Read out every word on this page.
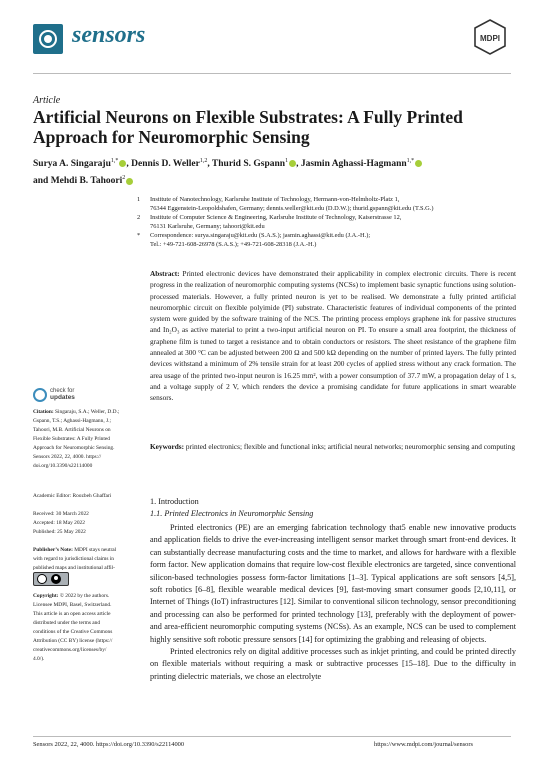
sensors	MDPI
Article
Artificial Neurons on Flexible Substrates: A Fully Printed Approach for Neuromorphic Sensing
Surya A. Singaraju$^{1,*}$ , Dennis D. Weller$^{1,2}$, Thurid S. Gspann$^1$ , Jasmin Aghassi-Hagmann$^{1,*}$
and Mehdi B. Tahoori$^2$
1 Institute of Nanotechnology, Karlsruhe Institute of Technology, Hermann-von-Helmholtz-Platz 1,
76344 Eggenstein-Leopoldshafen, Germany; dennis.weller@kit.edu (D.D.W.); thurid.gspann@kit.edu (T.S.G.)
2 Institute of Computer Science & Engineering, Karlsruhe Institute of Technology, Kaiserstrasse 12,
76131 Karlsruhe, Germany; tahoori@kit.edu
* Correspondence: surya.singaraju@kit.edu (S.A.S.); jasmin.aghassi@kit.edu (J.A.-H.);
Tel.: +49-721-608-26978 (S.A.S.); +49-721-608-28318 (J.A.-H.)
Abstract: Printed electronic devices have demonstrated their applicability in complex electronic circuits. There is recent progress in the realization of neuromorphic computing systems (NCSs) to implement basic synaptic functions using solution-processed materials. However, a fully printed neuron is yet to be realised. We demonstrate a fully printed artificial neuromorphic circuit on flexible polyimide (PI) substrate. Characteristic features of individual components of the printed system were guided by the software training of the NCS. The printing process employs graphene ink for passive structures and In₂O₃ as active material to print a two-input artificial neuron on PI. To ensure a small area footprint, the thickness of graphene film is tuned to target a resistance and to obtain conductors or resistors. The sheet resistance of the graphene film annealed at 300 °C can be adjusted between 200 Ω and 500 kΩ depending on the number of printed layers. The fully printed devices withstand a minimum of 2% tensile strain for at least 200 cycles of applied stress without any crack formation. The area usage of the printed two-input neuron is 16.25 mm², with a power consumption of 37.7 mW, a propagation delay of 1 s, and a voltage supply of 2 V, which renders the device a promising candidate for future applications in smart wearable sensors.
Keywords: printed electronics; flexible and functional inks; artificial neural networks; neuromorphic sensing and computing
check for
updates
Citation: Singaraju, S.A.; Weller, D.D.;
Gspann, T.S.; Aghassi-Hagmann, J.;
Tahoori, M.B. Artificial Neurons on
Flexible Substrates: A Fully Printed
Approach for Neuromorphic Sensing.
Sensors 2022, 22, 4000. https://
doi.org/10.3390/s22114000
Academic Editor: Roozbeh Ghaffari
Received: 30 March 2022
Accepted: 18 May 2022
Published: 25 May 2022
Publisher’s Note: MDPI stays neutral
with regard to jurisdictional claims in
published maps and institutional affil-

Copyright: © 2022 by the authors.
Licensee MDPI, Basel, Switzerland.
This article is an open access article
distributed under the terms and
conditions of the Creative Commons
Attribution (CC BY) license (https://
creativecommons.org/licenses/by/
4.0/).
1. Introduction
1.1. Printed Electronics in Neuromorphic Sensing
Printed electronics (PE) are an emerging fabrication technology that5 enable new innovative products and application fields to drive the ever-increasing intelligent sensor market through smart front-end devices. It can substantially decrease manufacturing costs and the time to market, and allows for hardware with a flexible form factor. New application domains that require low-cost flexible electronics are targeted, since conventional silicon-based technologies possess form-factor limitations [1–3]. Typical applications are soft sensors [4,5], soft robotics [6–8], flexible wearable medical devices [9], fast-moving smart consumer goods [2,10,11], or Internet of Things (IoT) infrastructures [12]. Similar to conventional silicon technology, sensor preconditioning and processing can also be performed for printed technology [13], preferably with the deployment of power- and area-efficient neuromorphic computing systems (NCSs). As an example, NCS can be used to complement highly sensitive soft robotic pressure sensors [14] for optimizing the grabbing and releasing of objects.
Printed electronics rely on digital additive processes such as inkjet printing, and could be printed directly on flexible materials without requiring a mask or subtractive processes [15–18]. Due to the difficulty in printing dielectric materials, we chose an electrolyte
Sensors 2022, 22, 4000. https://doi.org/10.3390/s22114000	https://www.mdpi.com/journal/sensors
